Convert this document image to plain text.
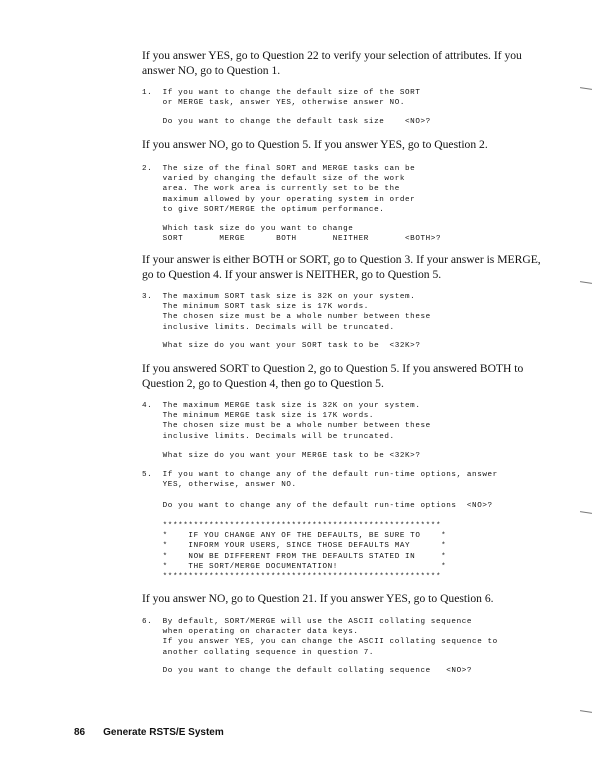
If you answer YES, go to Question 22 to verify your selection of attributes. If you answer NO, go to Question 1.

1.  If you want to change the default size of the SORT
or MERGE task, answer YES, otherwise answer NO.
Do you want to change the default task size    <NO>?

If you answer NO, go to Question 5. If you answer YES, go to Question 2.

2.  The size of the final SORT and MERGE tasks can be
varied by changing the default size of the work
area. The work area is currently set to be the
maximum allowed by your operating system in order
to give SORT/MERGE the optimum performance.
Which task size do you want to change
SORT       MERGE      BOTH       NEITHER       <BOTH>?

If your answer is either BOTH or SORT, go to Question 3. If your answer is MERGE, go to Question 4. If your answer is NEITHER, go to Question 5.

3.  The maximum SORT task size is 32K on your system.
The minimum SORT task size is 17K words.
The chosen size must be a whole number between these
inclusive limits. Decimals will be truncated.
What size do you want your SORT task to be  <32K>?

If you answered SORT to Question 2, go to Question 5. If you answered BOTH to Question 2, go to Question 4, then go to Question 5.

4.  The maximum MERGE task size is 32K on your system.
The minimum MERGE task size is 17K words.
The chosen size must be a whole number between these
inclusive limits. Decimals will be truncated.
What size do you want your MERGE task to be <32K>?
5.  If you want to change any of the default run-time options, answer
YES, otherwise, answer NO.
Do you want to change any of the default run-time options  <NO>?
******************************************************
*    IF YOU CHANGE ANY OF THE DEFAULTS, BE SURE TO    *
*    INFORM YOUR USERS, SINCE THOSE DEFAULTS MAY      *
*    NOW BE DIFFERENT FROM THE DEFAULTS STATED IN     *
*    THE SORT/MERGE DOCUMENTATION!                    *
******************************************************

If you answer NO, go to Question 21. If you answer YES, go to Question 6.

6.  By default, SORT/MERGE will use the ASCII collating sequence
when operating on character data keys.
If you answer YES, you can change the ASCII collating sequence to
another collating sequence in question 7.
Do you want to change the default collating sequence   <NO>?
86 Generate RSTS/E System
